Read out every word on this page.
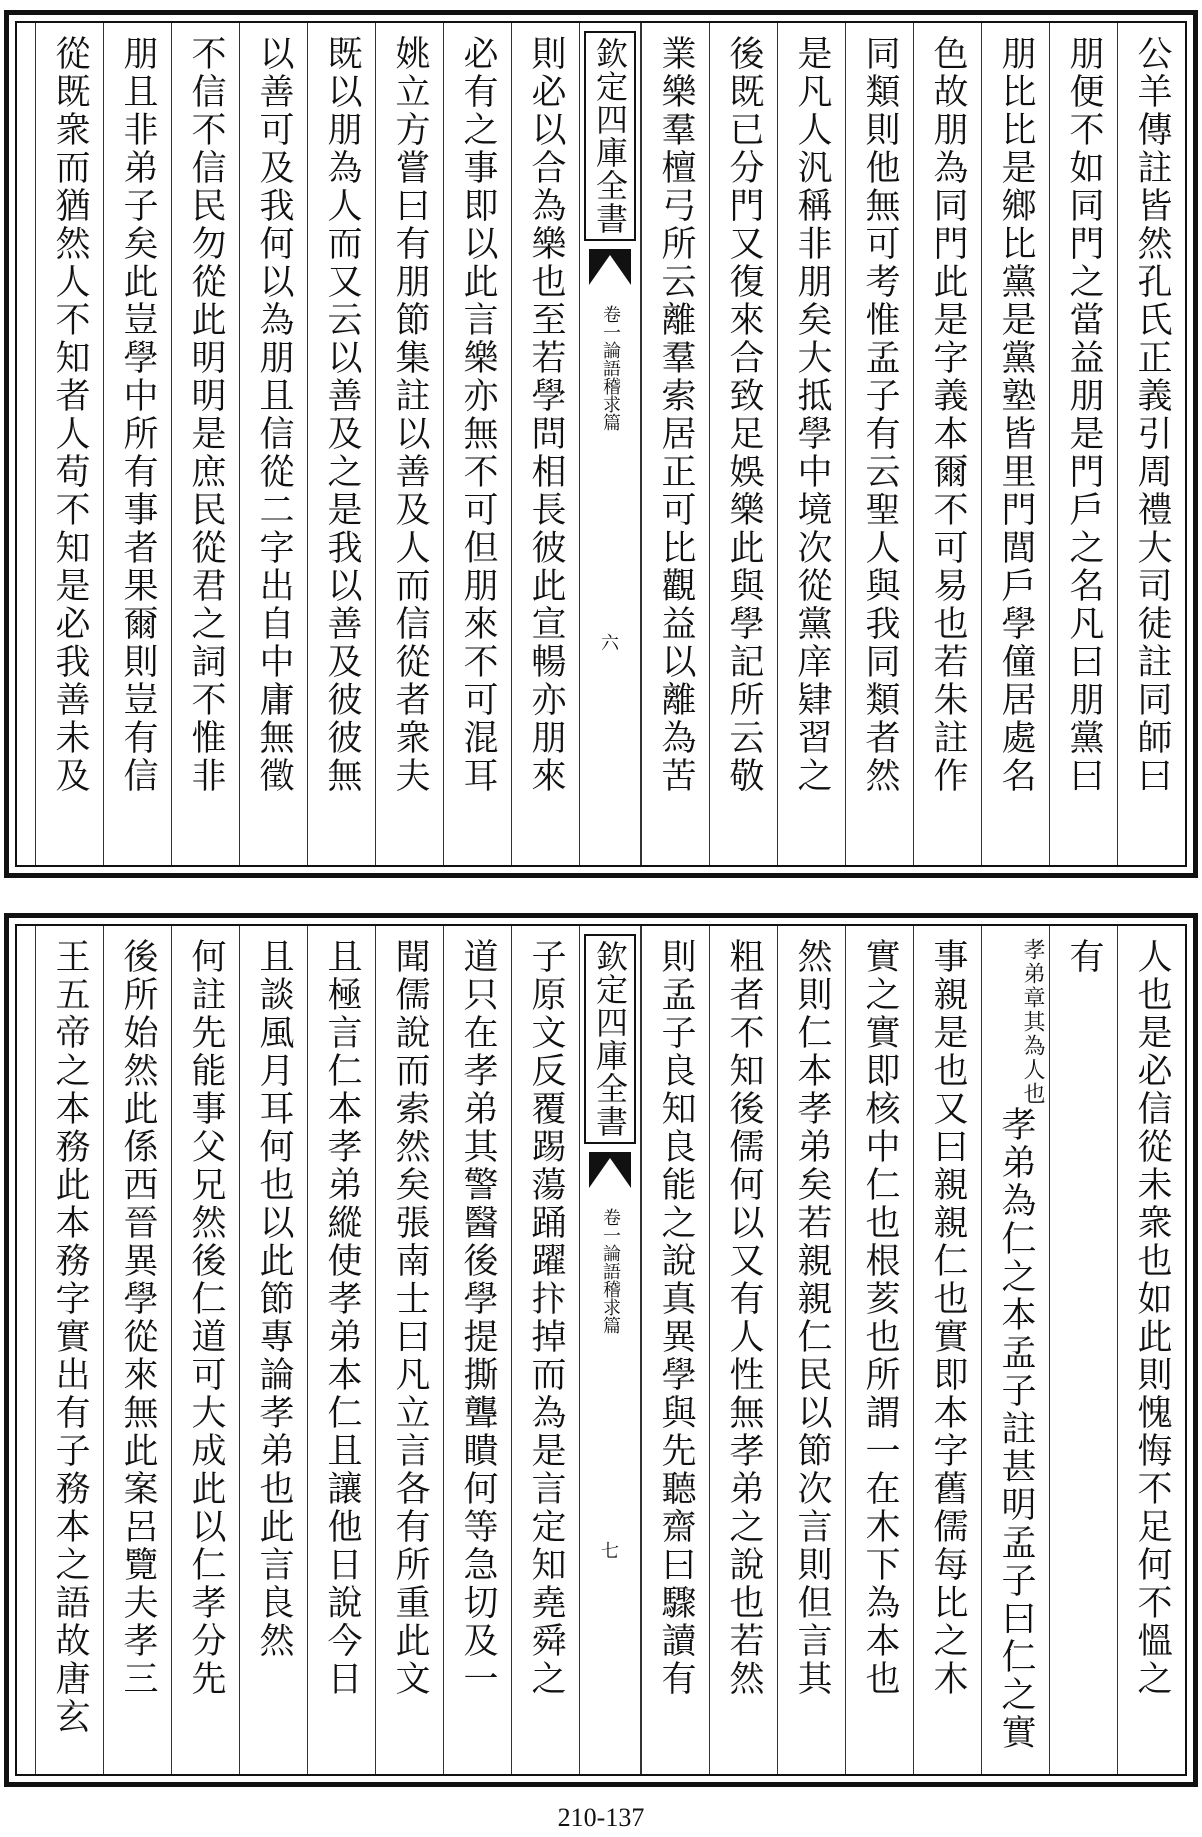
公羊傳註皆然孔氏正義引周禮大司徒註同師曰
朋便不如同門之當益朋是門戶之名凡曰朋黨曰
朋比比是鄉比黨是黨塾皆里門閭戶學僮居處名
色故朋為同門此是字義本爾不可易也若朱註作
同類則他無可考惟孟子有云聖人與我同類者然
是凡人汎稱非朋矣大抵學中境次從黨庠肄習之
後既已分門又復來合致足娛樂此與學記所云敬
業樂羣檀弓所云離羣索居正可比觀益以離為苦
欽定四庫全書
論語稽求篇
卷一
六
則必以合為樂也至若學問相長彼此宣暢亦朋來
必有之事即以此言樂亦無不可但朋來不可混耳
姚立方嘗曰有朋節集註以善及人而信從者衆夫
既以朋為人而又云以善及之是我以善及彼彼無
以善可及我何以為朋且信從二字出自中庸無徵
不信不信民勿從此明明是庶民從君之詞不惟非
朋且非弟子矣此豈學中所有事者果爾則豈有信
從既衆而猶然人不知者人苟不知是必我善未及
人也是必信從未衆也如此則愧悔不足何不慍之
有
其為人也
孝弟章
孝弟為仁之本孟子註甚明孟子曰仁之實
事親是也又曰親親仁也實即本字舊儒每比之木
實之實即核中仁也根荄也所謂一在木下為本也
然則仁本孝弟矣若親親仁民以節次言則但言其
粗者不知後儒何以又有人性無孝弟之說也若然
則孟子良知良能之說真異學與先聽齋曰驟讀有
欽定四庫全書
論語稽求篇
卷一
七
子原文反覆踢蕩踊躍抃掉而為是言定知堯舜之
道只在孝弟其警醫後學提撕聾瞶何等急切及一
聞儒說而索然矣張南士曰凡立言各有所重此文
且極言仁本孝弟縱使孝弟本仁且讓他日說今日
且談風月耳何也以此節專論孝弟也此言良然
何註先能事父兄然後仁道可大成此以仁孝分先
後所始然此係西晉異學從來無此案呂覽夫孝三
王五帝之本務此本務字實出有子務本之語故唐玄
210-137
